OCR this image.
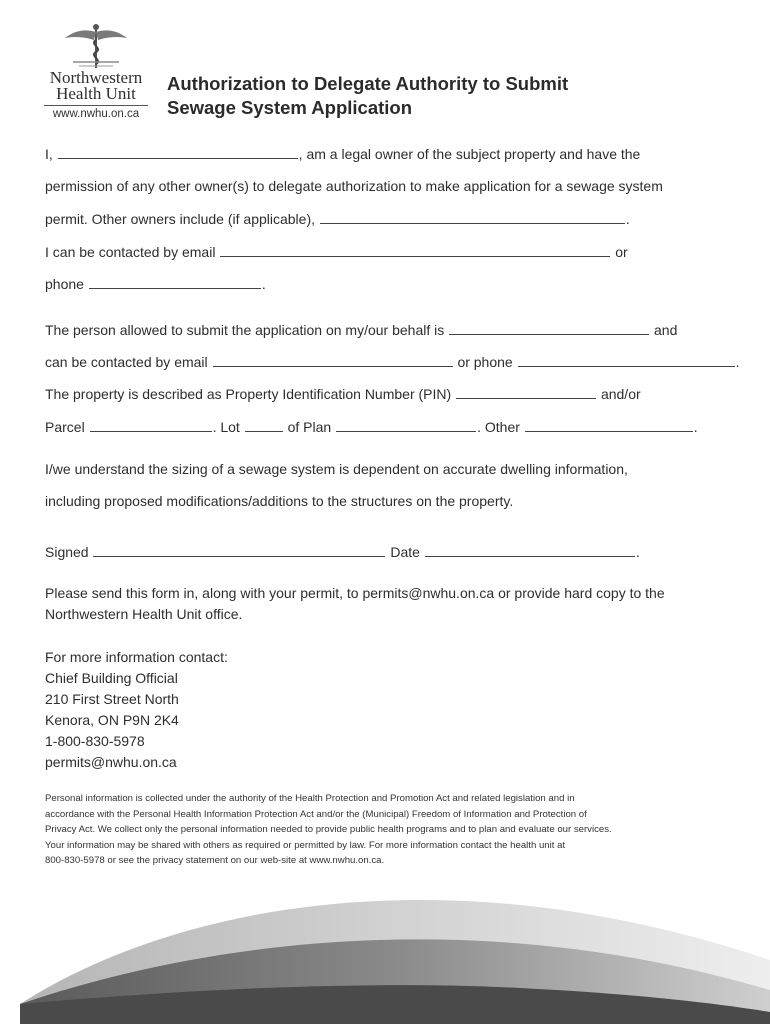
Northwestern
Health Unit
www.nwhu.on.ca
Authorization to Delegate Authority to Submit
Sewage System Application
I,	, am a legal owner of the subject property and have the
permission of any other owner(s) to delegate authorization to make application for a sewage system
permit. Other owners include (if applicable),	.
I can be contacted by email	or
phone	.
The person allowed to submit the application on my/our behalf is	and
can be contacted by email	or phone	.
The property is described as Property Identification Number (PIN)	and/or
Parcel	. Lot	of Plan	. Other	.
I/we understand the sizing of a sewage system is dependent on accurate dwelling information,
including proposed modifications/additions to the structures on the property.
Signed	Date	.
Please send this form in, along with your permit, to permits@nwhu.on.ca or provide hard copy to the
Northwestern Health Unit office.
For more information contact:
Chief Building Official
210 First Street North
Kenora, ON P9N 2K4
1-800-830-5978
permits@nwhu.on.ca
Personal information is collected under the authority of the Health Protection and Promotion Act and related legislation and in
accordance with the Personal Health Information Protection Act and/or the (Municipal) Freedom of Information and Protection of
Privacy Act. We collect only the personal information needed to provide public health programs and to plan and evaluate our services.
Your information may be shared with others as required or permitted by law. For more information contact the health unit at
800-830-5978 or see the privacy statement on our web-site at www.nwhu.on.ca.
